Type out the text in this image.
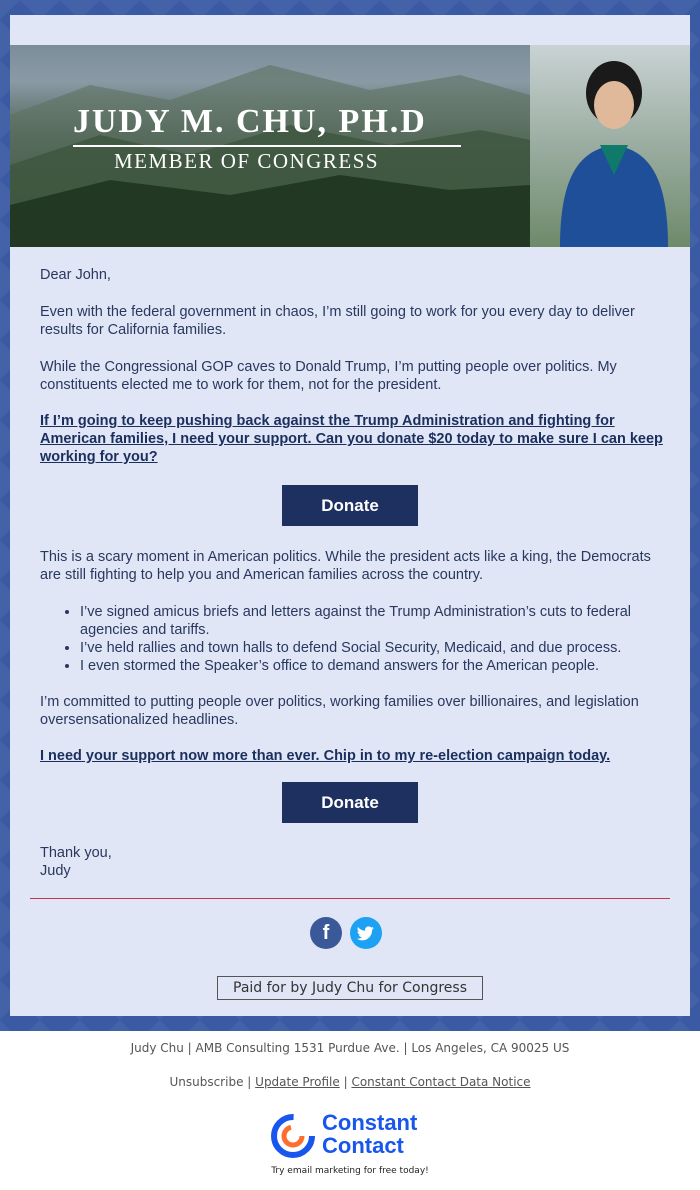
JUDY M. CHU, PH.D
MEMBER OF CONGRESS

Dear John,

Even with the federal government in chaos, I’m still going to work for you every day to deliver results for California families.

While the Congressional GOP caves to Donald Trump, I’m putting people over politics. My constituents elected me to work for them, not for the president.

If I’m going to keep pushing back against the Trump Administration and fighting for American families, I need your support. Can you donate $20 today to make sure I can keep working for you?

Donate

This is a scary moment in American politics. While the president acts like a king, the Democrats are still fighting to help you and American families across the country.

• I’ve signed amicus briefs and letters against the Trump Administration’s cuts to federal agencies and tariffs.
• I’ve held rallies and town halls to defend Social Security, Medicaid, and due process.
• I even stormed the Speaker’s office to demand answers for the American people.

I’m committed to putting people over politics, working families over billionaires, and legislation oversensationalized headlines.

I need your support now more than ever. Chip in to my re-election campaign today.

Donate

Thank you,

Judy

f
Paid for by Judy Chu for Congress
Judy Chu | AMB Consulting 1531 Purdue Ave. | Los Angeles, CA 90025 US
Unsubscribe | Update Profile | Constant Contact Data Notice
Constant
Contact
Try email marketing for free today!
